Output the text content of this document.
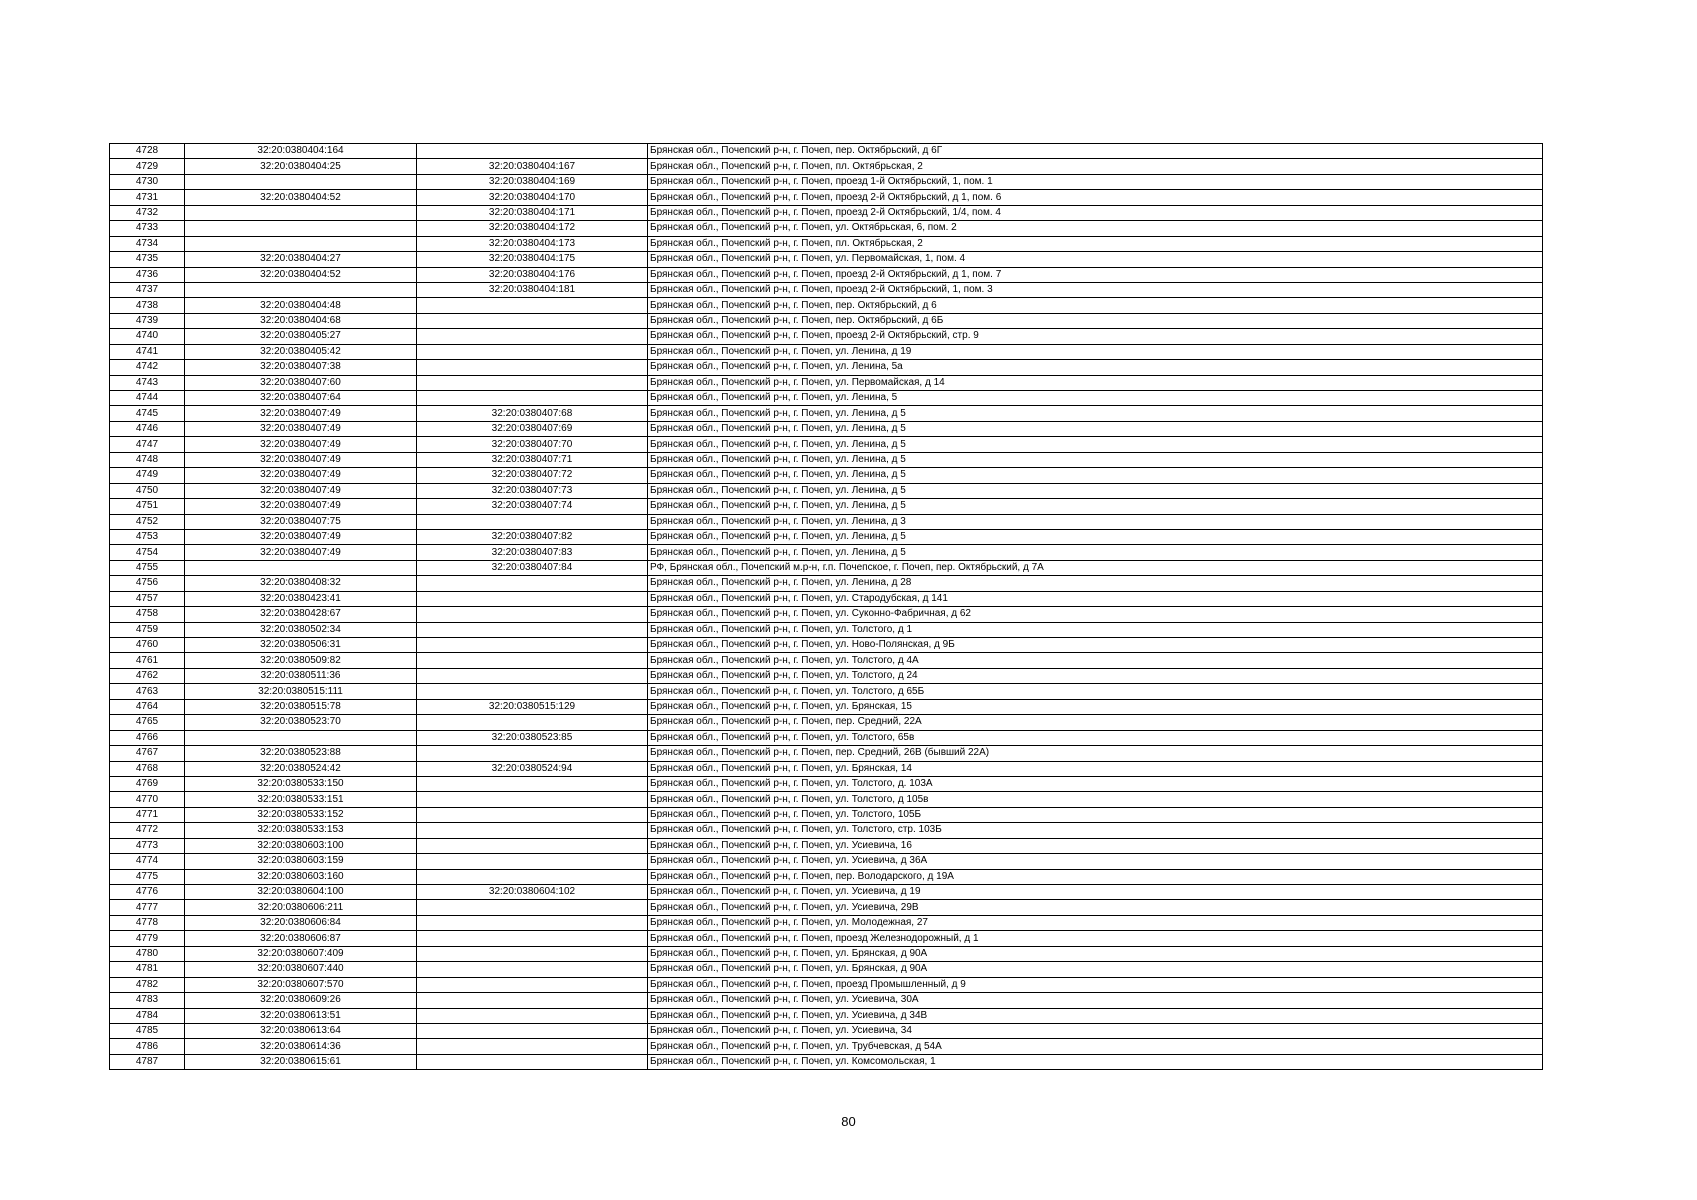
4728	32:20:0380404:164		Брянская обл., Почепский р-н, г. Почеп, пер. Октябрьский, д 6Г
4729	32:20:0380404:25	32:20:0380404:167	Брянская обл., Почепский р-н, г. Почеп, пл. Октябрьская, 2
4730		32:20:0380404:169	Брянская обл., Почепский р-н, г. Почеп, проезд 1-й Октябрьский, 1, пом. 1
4731	32:20:0380404:52	32:20:0380404:170	Брянская обл., Почепский р-н, г. Почеп, проезд 2-й Октябрьский, д 1, пом. 6
4732		32:20:0380404:171	Брянская обл., Почепский р-н, г. Почеп, проезд 2-й Октябрьский, 1/4, пом. 4
4733		32:20:0380404:172	Брянская обл., Почепский р-н, г. Почеп, ул. Октябрьская, 6, пом. 2
4734		32:20:0380404:173	Брянская обл., Почепский р-н, г. Почеп, пл. Октябрьская, 2
4735	32:20:0380404:27	32:20:0380404:175	Брянская обл., Почепский р-н, г. Почеп, ул. Первомайская, 1, пом. 4
4736	32:20:0380404:52	32:20:0380404:176	Брянская обл., Почепский р-н, г. Почеп, проезд 2-й Октябрьский, д 1, пом. 7
4737		32:20:0380404:181	Брянская обл., Почепский р-н, г. Почеп, проезд 2-й Октябрьский, 1, пом. 3
4738	32:20:0380404:48		Брянская обл., Почепский р-н, г. Почеп, пер. Октябрьский, д 6
4739	32:20:0380404:68		Брянская обл., Почепский р-н, г. Почеп, пер. Октябрьский, д 6Б
4740	32:20:0380405:27		Брянская обл., Почепский р-н, г. Почеп, проезд 2-й Октябрьский, стр. 9
4741	32:20:0380405:42		Брянская обл., Почепский р-н, г. Почеп, ул. Ленина, д 19
4742	32:20:0380407:38		Брянская обл., Почепский р-н, г. Почеп, ул. Ленина, 5а
4743	32:20:0380407:60		Брянская обл., Почепский р-н, г. Почеп, ул. Первомайская, д 14
4744	32:20:0380407:64		Брянская обл., Почепский р-н, г. Почеп, ул. Ленина, 5
4745	32:20:0380407:49	32:20:0380407:68	Брянская обл., Почепский р-н, г. Почеп, ул. Ленина, д 5
4746	32:20:0380407:49	32:20:0380407:69	Брянская обл., Почепский р-н, г. Почеп, ул. Ленина, д 5
4747	32:20:0380407:49	32:20:0380407:70	Брянская обл., Почепский р-н, г. Почеп, ул. Ленина, д 5
4748	32:20:0380407:49	32:20:0380407:71	Брянская обл., Почепский р-н, г. Почеп, ул. Ленина, д 5
4749	32:20:0380407:49	32:20:0380407:72	Брянская обл., Почепский р-н, г. Почеп, ул. Ленина, д 5
4750	32:20:0380407:49	32:20:0380407:73	Брянская обл., Почепский р-н, г. Почеп, ул. Ленина, д 5
4751	32:20:0380407:49	32:20:0380407:74	Брянская обл., Почепский р-н, г. Почеп, ул. Ленина, д 5
4752	32:20:0380407:75		Брянская обл., Почепский р-н, г. Почеп, ул. Ленина, д 3
4753	32:20:0380407:49	32:20:0380407:82	Брянская обл., Почепский р-н, г. Почеп, ул. Ленина, д 5
4754	32:20:0380407:49	32:20:0380407:83	Брянская обл., Почепский р-н, г. Почеп, ул. Ленина, д 5
4755		32:20:0380407:84	РФ, Брянская обл., Почепский м.р-н, г.п. Почепское, г. Почеп, пер. Октябрьский, д 7А
4756	32:20:0380408:32		Брянская обл., Почепский р-н, г. Почеп, ул. Ленина, д 28
4757	32:20:0380423:41		Брянская обл., Почепский р-н, г. Почеп, ул. Стародубская, д 141
4758	32:20:0380428:67		Брянская обл., Почепский р-н, г. Почеп, ул. Суконно-Фабричная, д 62
4759	32:20:0380502:34		Брянская обл., Почепский р-н, г. Почеп, ул. Толстого, д 1
4760	32:20:0380506:31		Брянская обл., Почепский р-н, г. Почеп, ул. Ново-Полянская, д 9Б
4761	32:20:0380509:82		Брянская обл., Почепский р-н, г. Почеп, ул. Толстого, д 4А
4762	32:20:0380511:36		Брянская обл., Почепский р-н, г. Почеп, ул. Толстого, д 24
4763	32:20:0380515:111		Брянская обл., Почепский р-н, г. Почеп, ул. Толстого, д 65Б
4764	32:20:0380515:78	32:20:0380515:129	Брянская обл., Почепский р-н, г. Почеп, ул. Брянская, 15
4765	32:20:0380523:70		Брянская обл., Почепский р-н, г. Почеп, пер. Средний, 22А
4766		32:20:0380523:85	Брянская обл., Почепский р-н, г. Почеп, ул. Толстого, 65в
4767	32:20:0380523:88		Брянская обл., Почепский р-н, г. Почеп, пер. Средний, 26В (бывший 22А)
4768	32:20:0380524:42	32:20:0380524:94	Брянская обл., Почепский р-н, г. Почеп, ул. Брянская, 14
4769	32:20:0380533:150		Брянская обл., Почепский р-н, г. Почеп, ул. Толстого, д. 103А
4770	32:20:0380533:151		Брянская обл., Почепский р-н, г. Почеп, ул. Толстого, д 105в
4771	32:20:0380533:152		Брянская обл., Почепский р-н, г. Почеп, ул. Толстого, 105Б
4772	32:20:0380533:153		Брянская обл., Почепский р-н, г. Почеп, ул. Толстого, стр. 103Б
4773	32:20:0380603:100		Брянская обл., Почепский р-н, г. Почеп, ул. Усиевича, 16
4774	32:20:0380603:159		Брянская обл., Почепский р-н, г. Почеп, ул. Усиевича, д 36А
4775	32:20:0380603:160		Брянская обл., Почепский р-н, г. Почеп, пер. Володарского, д 19А
4776	32:20:0380604:100	32:20:0380604:102	Брянская обл., Почепский р-н, г. Почеп, ул. Усиевича, д 19
4777	32:20:0380606:211		Брянская обл., Почепский р-н, г. Почеп, ул. Усиевича, 29В
4778	32:20:0380606:84		Брянская обл., Почепский р-н, г. Почеп, ул. Молодежная, 27
4779	32:20:0380606:87		Брянская обл., Почепский р-н, г. Почеп, проезд Железнодорожный, д 1
4780	32:20:0380607:409		Брянская обл., Почепский р-н, г. Почеп, ул. Брянская, д 90А
4781	32:20:0380607:440		Брянская обл., Почепский р-н, г. Почеп, ул. Брянская, д 90А
4782	32:20:0380607:570		Брянская обл., Почепский р-н, г. Почеп, проезд Промышленный, д 9
4783	32:20:0380609:26		Брянская обл., Почепский р-н, г. Почеп, ул. Усиевича, 30А
4784	32:20:0380613:51		Брянская обл., Почепский р-н, г. Почеп, ул. Усиевича, д 34В
4785	32:20:0380613:64		Брянская обл., Почепский р-н, г. Почеп, ул. Усиевича, 34
4786	32:20:0380614:36		Брянская обл., Почепский р-н, г. Почеп, ул. Трубчевская, д 54А
4787	32:20:0380615:61		Брянская обл., Почепский р-н, г. Почеп, ул. Комсомольская, 1
80
